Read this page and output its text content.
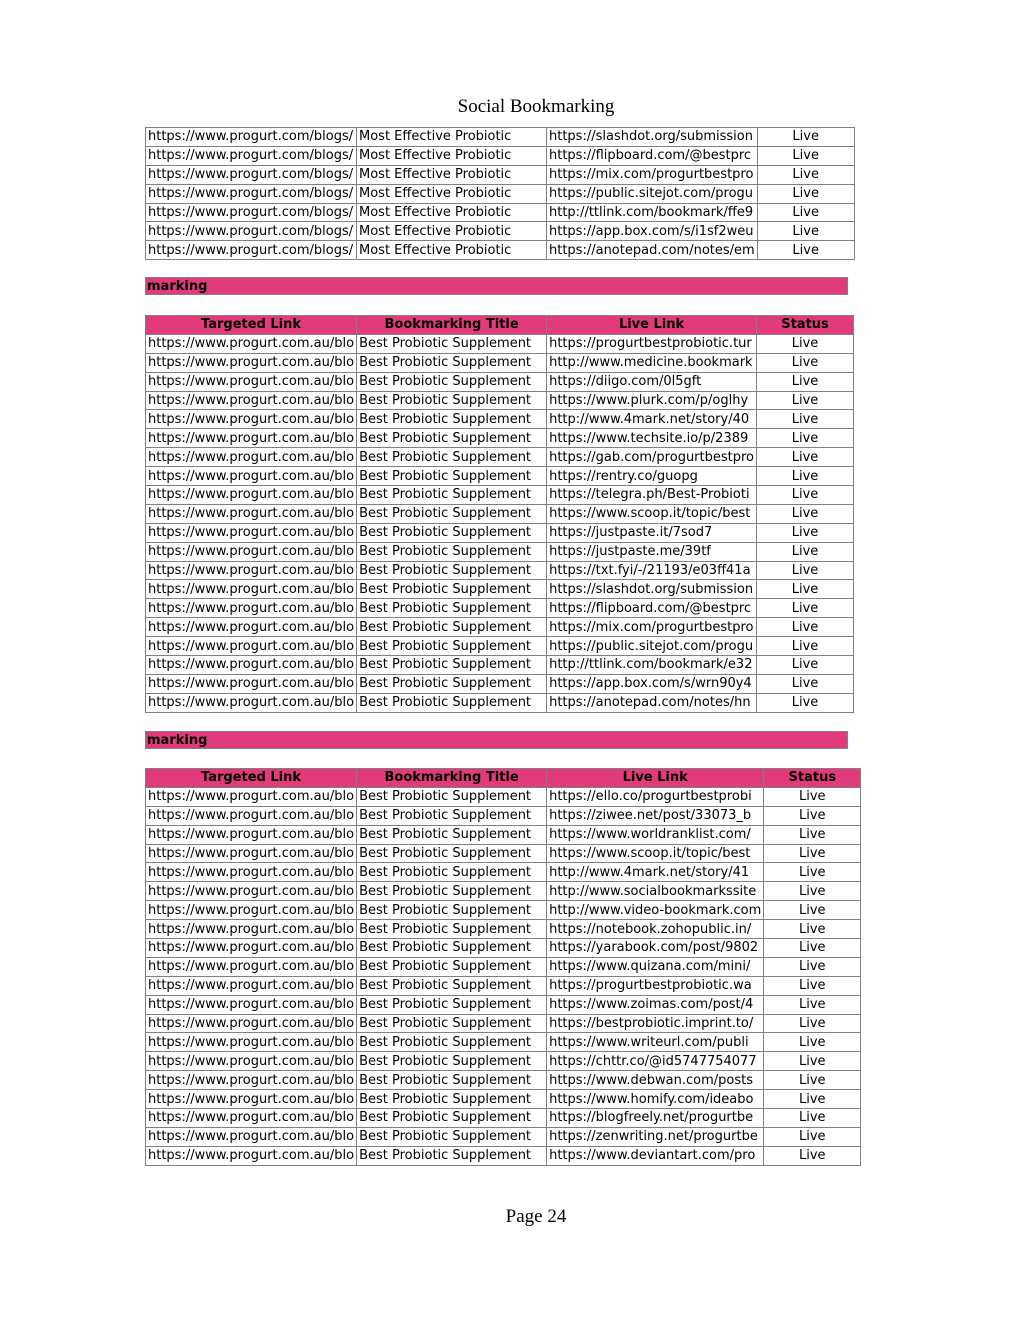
Social Bookmarking
https://www.progurt.com/blogs/	Most Effective Probiotic	https://slashdot.org/submission	Live
https://www.progurt.com/blogs/	Most Effective Probiotic	https://flipboard.com/@bestprc	Live
https://www.progurt.com/blogs/	Most Effective Probiotic	https://mix.com/progurtbestpro	Live
https://www.progurt.com/blogs/	Most Effective Probiotic	https://public.sitejot.com/progu	Live
https://www.progurt.com/blogs/	Most Effective Probiotic	http://ttlink.com/bookmark/ffe9	Live
https://www.progurt.com/blogs/	Most Effective Probiotic	https://app.box.com/s/i1sf2weu	Live
https://www.progurt.com/blogs/	Most Effective Probiotic	https://anotepad.com/notes/em	Live
marking
Targeted Link	Bookmarking Title	Live Link	Status
https://www.progurt.com.au/blo	Best Probiotic Supplement	https://progurtbestprobiotic.tur	Live
https://www.progurt.com.au/blo	Best Probiotic Supplement	http://www.medicine.bookmark	Live
https://www.progurt.com.au/blo	Best Probiotic Supplement	https://diigo.com/0l5gft	Live
https://www.progurt.com.au/blo	Best Probiotic Supplement	https://www.plurk.com/p/oglhy	Live
https://www.progurt.com.au/blo	Best Probiotic Supplement	http://www.4mark.net/story/40	Live
https://www.progurt.com.au/blo	Best Probiotic Supplement	https://www.techsite.io/p/2389	Live
https://www.progurt.com.au/blo	Best Probiotic Supplement	https://gab.com/progurtbestpro	Live
https://www.progurt.com.au/blo	Best Probiotic Supplement	https://rentry.co/guopg	Live
https://www.progurt.com.au/blo	Best Probiotic Supplement	https://telegra.ph/Best-Probioti	Live
https://www.progurt.com.au/blo	Best Probiotic Supplement	https://www.scoop.it/topic/best	Live
https://www.progurt.com.au/blo	Best Probiotic Supplement	https://justpaste.it/7sod7	Live
https://www.progurt.com.au/blo	Best Probiotic Supplement	https://justpaste.me/39tf	Live
https://www.progurt.com.au/blo	Best Probiotic Supplement	https://txt.fyi/-/21193/e03ff41a	Live
https://www.progurt.com.au/blo	Best Probiotic Supplement	https://slashdot.org/submission	Live
https://www.progurt.com.au/blo	Best Probiotic Supplement	https://flipboard.com/@bestprc	Live
https://www.progurt.com.au/blo	Best Probiotic Supplement	https://mix.com/progurtbestpro	Live
https://www.progurt.com.au/blo	Best Probiotic Supplement	https://public.sitejot.com/progu	Live
https://www.progurt.com.au/blo	Best Probiotic Supplement	http://ttlink.com/bookmark/e32	Live
https://www.progurt.com.au/blo	Best Probiotic Supplement	https://app.box.com/s/wrn90y4	Live
https://www.progurt.com.au/blo	Best Probiotic Supplement	https://anotepad.com/notes/hn	Live
marking
Targeted Link	Bookmarking Title	Live Link	Status
https://www.progurt.com.au/blo	Best Probiotic Supplement	https://ello.co/progurtbestprobi	Live
https://www.progurt.com.au/blo	Best Probiotic Supplement	https://ziwee.net/post/33073_b	Live
https://www.progurt.com.au/blo	Best Probiotic Supplement	https://www.worldranklist.com/	Live
https://www.progurt.com.au/blo	Best Probiotic Supplement	https://www.scoop.it/topic/best	Live
https://www.progurt.com.au/blo	Best Probiotic Supplement	http://www.4mark.net/story/41	Live
https://www.progurt.com.au/blo	Best Probiotic Supplement	http://www.socialbookmarkssite	Live
https://www.progurt.com.au/blo	Best Probiotic Supplement	http://www.video-bookmark.com	Live
https://www.progurt.com.au/blo	Best Probiotic Supplement	https://notebook.zohopublic.in/	Live
https://www.progurt.com.au/blo	Best Probiotic Supplement	https://yarabook.com/post/9802	Live
https://www.progurt.com.au/blo	Best Probiotic Supplement	https://www.quizana.com/mini/	Live
https://www.progurt.com.au/blo	Best Probiotic Supplement	https://progurtbestprobiotic.wa	Live
https://www.progurt.com.au/blo	Best Probiotic Supplement	https://www.zoimas.com/post/4	Live
https://www.progurt.com.au/blo	Best Probiotic Supplement	https://bestprobiotic.imprint.to/	Live
https://www.progurt.com.au/blo	Best Probiotic Supplement	https://www.writeurl.com/publi	Live
https://www.progurt.com.au/blo	Best Probiotic Supplement	https://chttr.co/@id5747754077	Live
https://www.progurt.com.au/blo	Best Probiotic Supplement	https://www.debwan.com/posts	Live
https://www.progurt.com.au/blo	Best Probiotic Supplement	https://www.homify.com/ideabo	Live
https://www.progurt.com.au/blo	Best Probiotic Supplement	https://blogfreely.net/progurtbe	Live
https://www.progurt.com.au/blo	Best Probiotic Supplement	https://zenwriting.net/progurtbe	Live
https://www.progurt.com.au/blo	Best Probiotic Supplement	https://www.deviantart.com/pro	Live
Page 24
